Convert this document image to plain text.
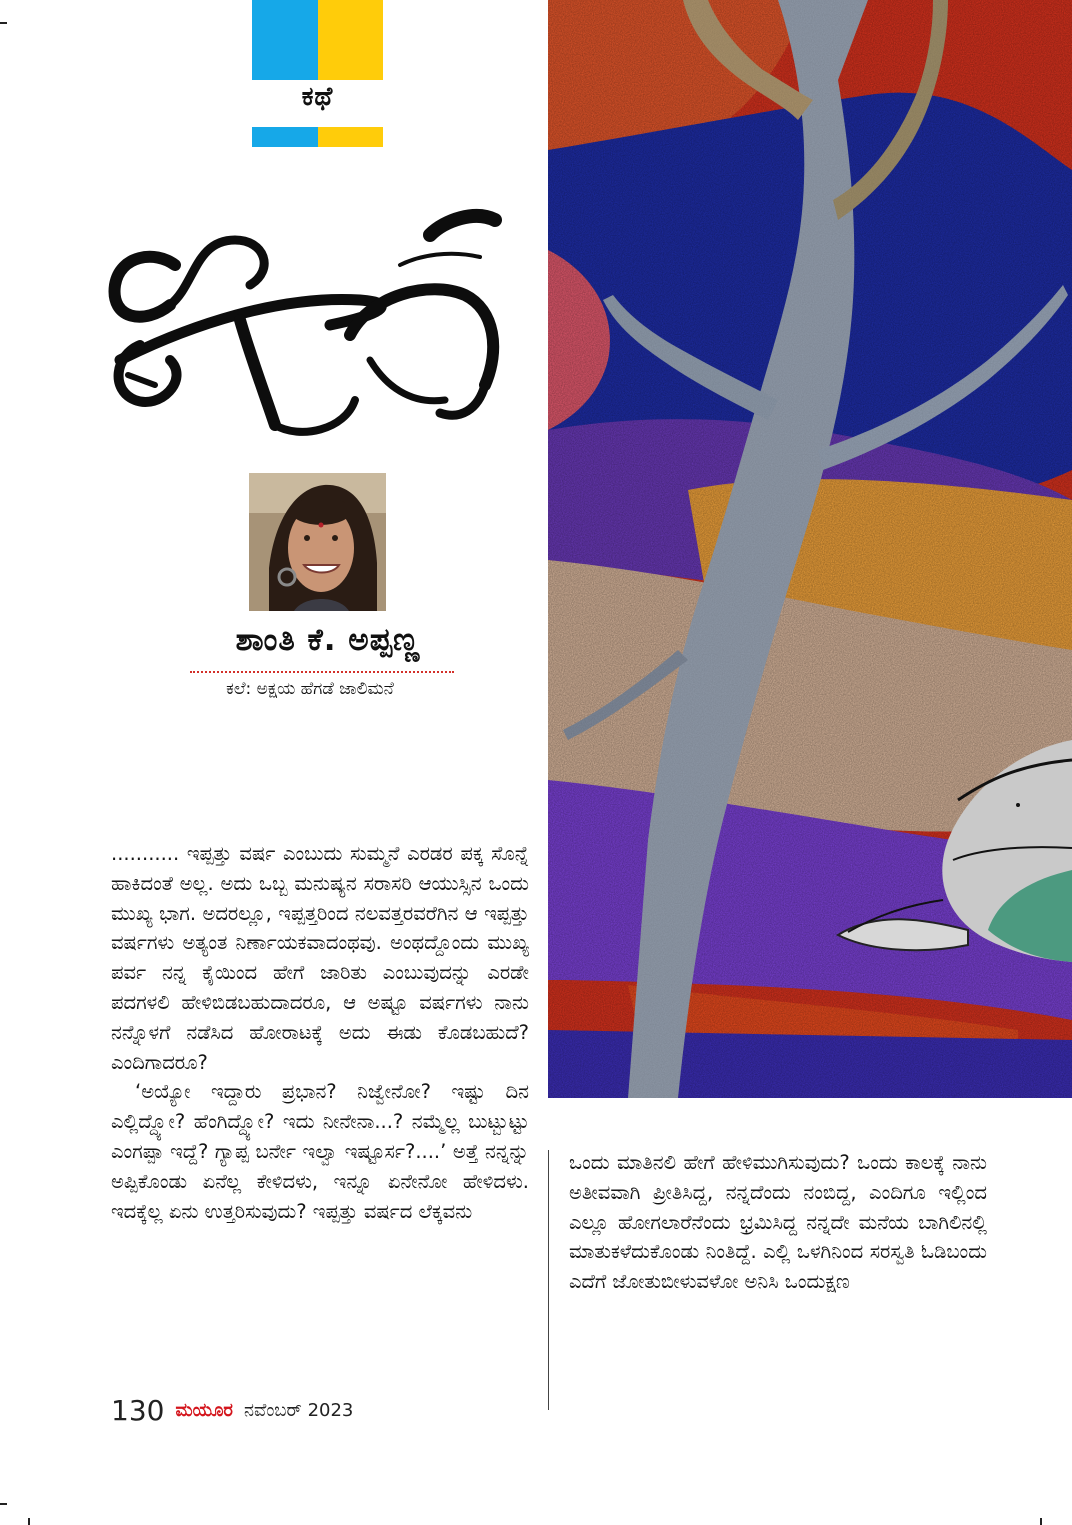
ಕಥೆ
ಶಾಂತಿ ಕೆ. ಅಪ್ಪಣ್ಣ
ಕಲೆ: ಅಕ್ಷಯ ಹೆಗಡೆ ಜಾಲಿಮನೆ

........... ಇಪ್ಪತ್ತು ವರ್ಷ ಎಂಬುದು ಸುಮ್ಮನೆ ಎರಡರ ಪಕ್ಕ ಸೊನ್ನೆ ಹಾಕಿದಂತೆ ಅಲ್ಲ. ಅದು ಒಬ್ಬ ಮನುಷ್ಯನ ಸರಾಸರಿ ಆಯುಸ್ಸಿನ ಒಂದು ಮುಖ್ಯ ಭಾಗ. ಅದರಲ್ಲೂ, ಇಪ್ಪತ್ತರಿಂದ ನಲವತ್ತರವರೆಗಿನ ಆ ಇಪ್ಪತ್ತು ವರ್ಷಗಳು ಅತ್ಯಂತ ನಿರ್ಣಾಯಕವಾದಂಥವು. ಅಂಥದ್ದೊಂದು ಮುಖ್ಯ ಪರ್ವ ನನ್ನ ಕೈಯಿಂದ ಹೇಗೆ ಜಾರಿತು ಎಂಬುವುದನ್ನು ಎರಡೇ ಪದಗಳಲಿ ಹೇಳಿಬಿಡಬಹುದಾದರೂ, ಆ ಅಷ್ಟೂ ವರ್ಷಗಳು ನಾನು ನನ್ನೊಳಗೆ ನಡೆಸಿದ ಹೋರಾಟಕ್ಕೆ ಅದು ಈಡು ಕೊಡಬಹುದೆ? ಎಂದಿಗಾದರೂ?

‘ಅಯ್ಯೋ ಇದ್ದಾರು ಪ್ರಭಾನ? ನಿಜ್ವೇನೋ? ಇಷ್ಟು ದಿನ ಎಲ್ಲಿದ್ದ್ಯೋ? ಹೆಂಗಿದ್ದ್ಯೋ? ಇದು ನೀನೇನಾ...? ನಮ್ಮೆಲ್ಲ ಬುಟ್ಬುಟ್ಟು ಎಂಗಪ್ಪಾ ಇದ್ದೆ? ಗ್ಯಾಪ್ಪ ಬರ್ನೇ ಇಲ್ವಾ ಇಷ್ಟೂರ್ಸ?....’ ಅತ್ತೆ ನನ್ನನ್ನು ಅಪ್ಪಿಕೊಂಡು ಏನೆಲ್ಲ ಕೇಳಿದಳು, ಇನ್ನೂ ಏನೇನೋ ಹೇಳಿದಳು. ಇದಕ್ಕೆಲ್ಲ ಏನು ಉತ್ತರಿಸುವುದು? ಇಪ್ಪತ್ತು ವರ್ಷದ ಲೆಕ್ಕವನು

ಒಂದು ಮಾತಿನಲಿ ಹೇಗೆ ಹೇಳಿಮುಗಿಸುವುದು? ಒಂದು ಕಾಲಕ್ಕೆ ನಾನು ಅತೀವವಾಗಿ ಪ್ರೀತಿಸಿದ್ದ, ನನ್ನದೆಂದು ನಂಬಿದ್ದ, ಎಂದಿಗೂ ಇಲ್ಲಿಂದ ಎಲ್ಲೂ ಹೋಗಲಾರೆನೆಂದು ಭ್ರಮಿಸಿದ್ದ ನನ್ನದೇ ಮನೆಯ ಬಾಗಿಲಿನಲ್ಲಿ ಮಾತುಕಳೆದುಕೊಂಡು ನಿಂತಿದ್ದೆ. ಎಲ್ಲಿ ಒಳಗಿನಿಂದ ಸರಸ್ವತಿ ಓಡಿಬಂದು ಎದೆಗೆ ಜೋತುಬೀಳುವಳೋ ಅನಿಸಿ ಒಂದುಕ್ಷಣ

130 ಮಯೂರ ನವೆಂಬರ್ 2023
